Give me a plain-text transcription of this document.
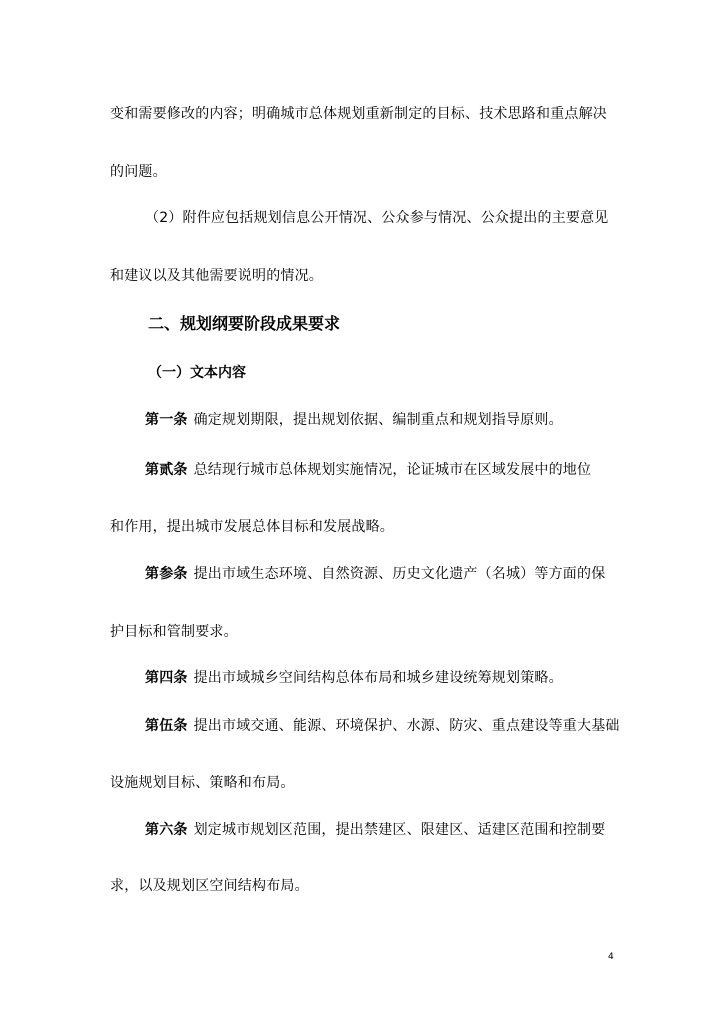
变和需要修改的内容；明确城市总体规划重新制定的目标、技术思路和重点解决
的问题。
（2）附件应包括规划信息公开情况、公众参与情况、公众提出的主要意见
和建议以及其他需要说明的情况。
二、规划纲要阶段成果要求
（一）文本内容
第一条 确定规划期限，提出规划依据、编制重点和规划指导原则。
第贰条 总结现行城市总体规划实施情况，论证城市在区域发展中的地位
和作用，提出城市发展总体目标和发展战略。
第参条 提出市域生态环境、自然资源、历史文化遗产（名城）等方面的保
护目标和管制要求。
第四条 提出市域城乡空间结构总体布局和城乡建设统筹规划策略。
第伍条 提出市域交通、能源、环境保护、水源、防灾、重点建设等重大基础
设施规划目标、策略和布局。
第六条 划定城市规划区范围，提出禁建区、限建区、适建区范围和控制要
求，以及规划区空间结构布局。
4
